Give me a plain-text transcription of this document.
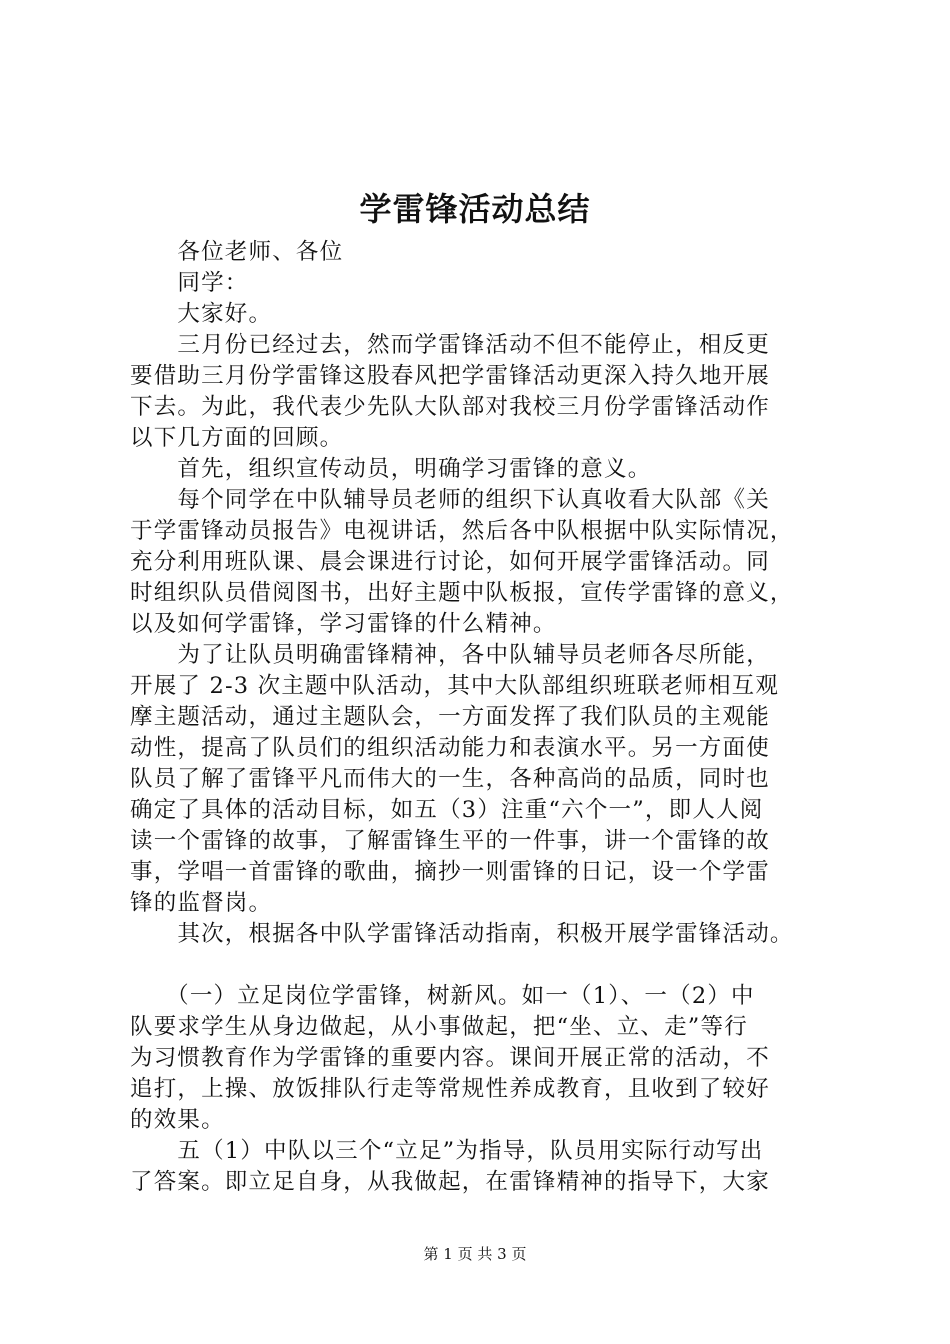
学雷锋活动总结
　　各位老师、各位
　　同学：
　　大家好。
　　三月份已经过去，然而学雷锋活动不但不能停止，相反更
要借助三月份学雷锋这股春风把学雷锋活动更深入持久地开展
下去。为此，我代表少先队大队部对我校三月份学雷锋活动作
以下几方面的回顾。
　　首先，组织宣传动员，明确学习雷锋的意义。
　　每个同学在中队辅导员老师的组织下认真收看大队部《关
于学雷锋动员报告》电视讲话，然后各中队根据中队实际情况，
充分利用班队课、晨会课进行讨论，如何开展学雷锋活动。同
时组织队员借阅图书，出好主题中队板报，宣传学雷锋的意义，
以及如何学雷锋，学习雷锋的什么精神。
　　为了让队员明确雷锋精神，各中队辅导员老师各尽所能，
开展了 2-3 次主题中队活动，其中大队部组织班联老师相互观
摩主题活动，通过主题队会，一方面发挥了我们队员的主观能
动性，提高了队员们的组织活动能力和表演水平。另一方面使
队员了解了雷锋平凡而伟大的一生，各种高尚的品质，同时也
确定了具体的活动目标，如五（3）注重“六个一”，即人人阅
读一个雷锋的故事，了解雷锋生平的一件事，讲一个雷锋的故
事，学唱一首雷锋的歌曲，摘抄一则雷锋的日记，设一个学雷
锋的监督岗。
　　其次，根据各中队学雷锋活动指南，积极开展学雷锋活动。
　　（一）立足岗位学雷锋，树新风。如一（1）、一（2）中
队要求学生从身边做起，从小事做起，把“坐、立、走”等行
为习惯教育作为学雷锋的重要内容。课间开展正常的活动，不
追打，上操、放饭排队行走等常规性养成教育，且收到了较好
的效果。
　　五（1）中队以三个“立足”为指导，队员用实际行动写出
了答案。即立足自身，从我做起，在雷锋精神的指导下，大家
第 1 页 共 3 页
